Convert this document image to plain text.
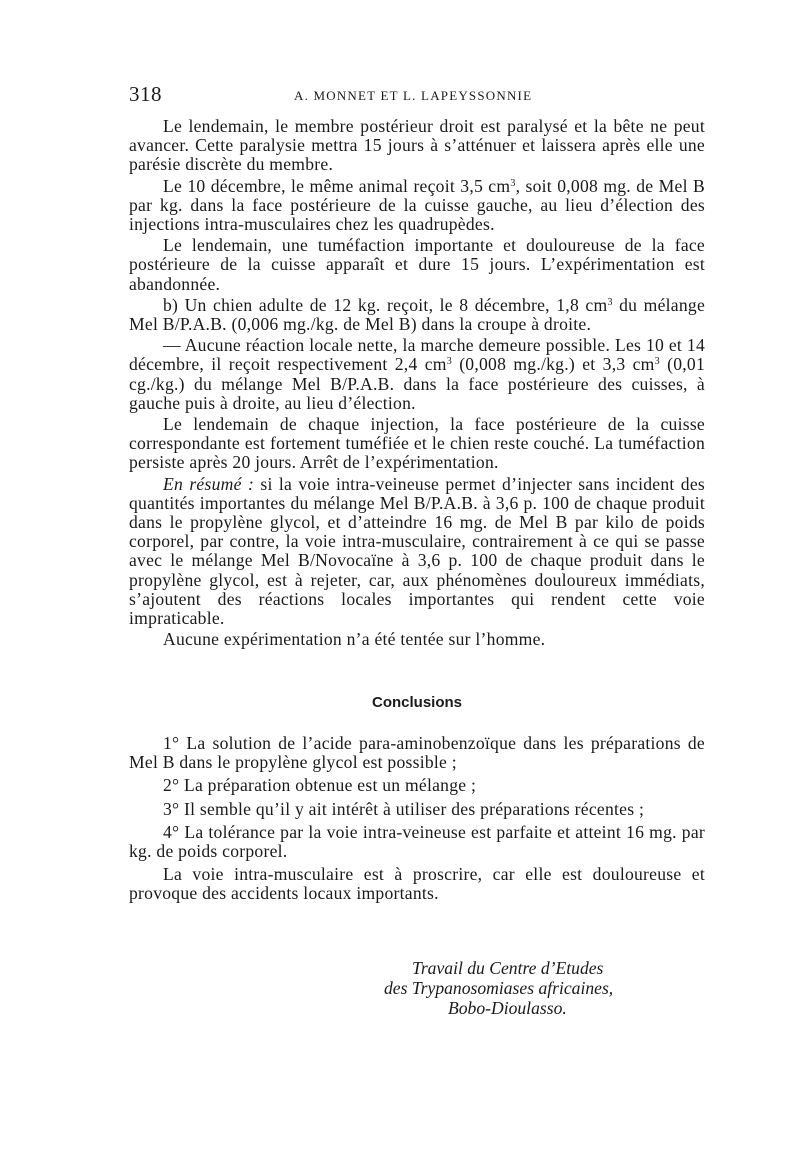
318	A. MONNET ET L. LAPEYSSONNIE

Le lendemain, le membre postérieur droit est paralysé et la bête ne peut avancer. Cette paralysie mettra 15 jours à s’atténuer et laissera après elle une parésie discrète du membre.

Le 10 décembre, le même animal reçoit 3,5 $cm^3$, soit 0,008 mg. de Mel B par kg. dans la face postérieure de la cuisse gauche, au lieu d’élection des injections intra-musculaires chez les quadrupèdes.

Le lendemain, une tuméfaction importante et douloureuse de la face postérieure de la cuisse apparaît et dure 15 jours. L’expérimentation est abandonnée.

b) Un chien adulte de 12 kg. reçoit, le 8 décembre, 1,8 $cm^3$ du mélange Mel B/P.A.B. (0,006 mg./kg. de Mel B) dans la croupe à droite.

— Aucune réaction locale nette, la marche demeure possible. Les 10 et 14 décembre, il reçoit respectivement 2,4 $cm^3$ (0,008 mg./kg.) et 3,3 $cm^3$ (0,01 cg./kg.) du mélange Mel B/P.A.B. dans la face postérieure des cuisses, à gauche puis à droite, au lieu d’élection.

Le lendemain de chaque injection, la face postérieure de la cuisse correspondante est fortement tuméfiée et le chien reste couché. La tuméfaction persiste après 20 jours. Arrêt de l’expérimentation.

En résumé : si la voie intra-veineuse permet d’injecter sans incident des quantités importantes du mélange Mel B/P.A.B. à 3,6 p. 100 de chaque produit dans le propylène glycol, et d’atteindre 16 mg. de Mel B par kilo de poids corporel, par contre, la voie intra-musculaire, contrairement à ce qui se passe avec le mélange Mel B/Novocaïne à 3,6 p. 100 de chaque produit dans le propylène glycol, est à rejeter, car, aux phénomènes douloureux immédiats, s’ajoutent des réactions locales importantes qui rendent cette voie impraticable.

Aucune expérimentation n’a été tentée sur l’homme.

Conclusions

1° La solution de l’acide para-aminobenzoïque dans les préparations de Mel B dans le propylène glycol est possible ;

2° La préparation obtenue est un mélange ;

3° Il semble qu’il y ait intérêt à utiliser des préparations récentes ;

4° La tolérance par la voie intra-veineuse est parfaite et atteint 16 mg. par kg. de poids corporel.

La voie intra-musculaire est à proscrire, car elle est douloureuse et provoque des accidents locaux importants.

Travail du Centre d’Etudes
des Trypanosomiases africaines,
Bobo-Dioulasso.
